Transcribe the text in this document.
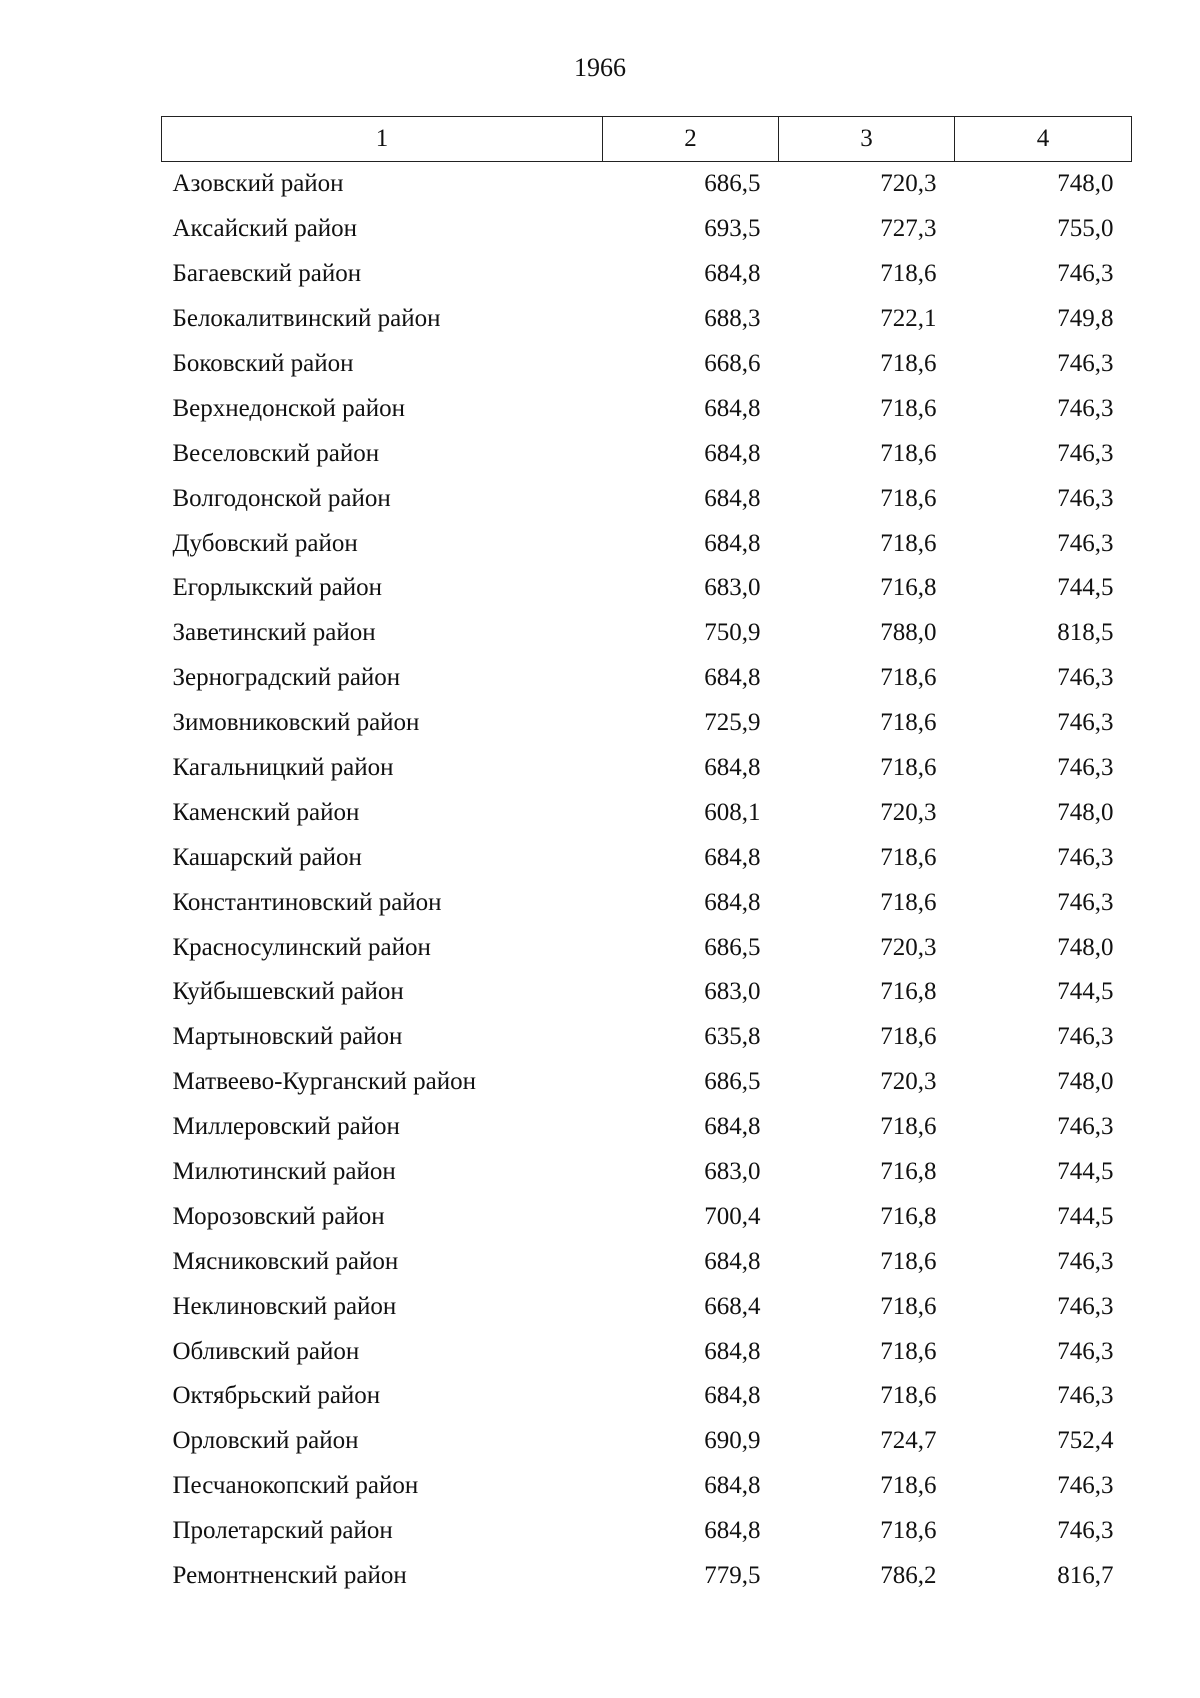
1966
1	2	3	4
Азовский район	686,5	720,3	748,0
Аксайский район	693,5	727,3	755,0
Багаевский район	684,8	718,6	746,3
Белокалитвинский район	688,3	722,1	749,8
Боковский район	668,6	718,6	746,3
Верхнедонской район	684,8	718,6	746,3
Веселовский район	684,8	718,6	746,3
Волгодонской район	684,8	718,6	746,3
Дубовский район	684,8	718,6	746,3
Егорлыкский район	683,0	716,8	744,5
Заветинский район	750,9	788,0	818,5
Зерноградский район	684,8	718,6	746,3
Зимовниковский район	725,9	718,6	746,3
Кагальницкий район	684,8	718,6	746,3
Каменский район	608,1	720,3	748,0
Кашарский район	684,8	718,6	746,3
Константиновский район	684,8	718,6	746,3
Красносулинский район	686,5	720,3	748,0
Куйбышевский район	683,0	716,8	744,5
Мартыновский район	635,8	718,6	746,3
Матвеево-Курганский район	686,5	720,3	748,0
Миллеровский район	684,8	718,6	746,3
Милютинский район	683,0	716,8	744,5
Морозовский район	700,4	716,8	744,5
Мясниковский район	684,8	718,6	746,3
Неклиновский район	668,4	718,6	746,3
Обливский район	684,8	718,6	746,3
Октябрьский район	684,8	718,6	746,3
Орловский район	690,9	724,7	752,4
Песчанокопский район	684,8	718,6	746,3
Пролетарский район	684,8	718,6	746,3
Ремонтненский район	779,5	786,2	816,7
